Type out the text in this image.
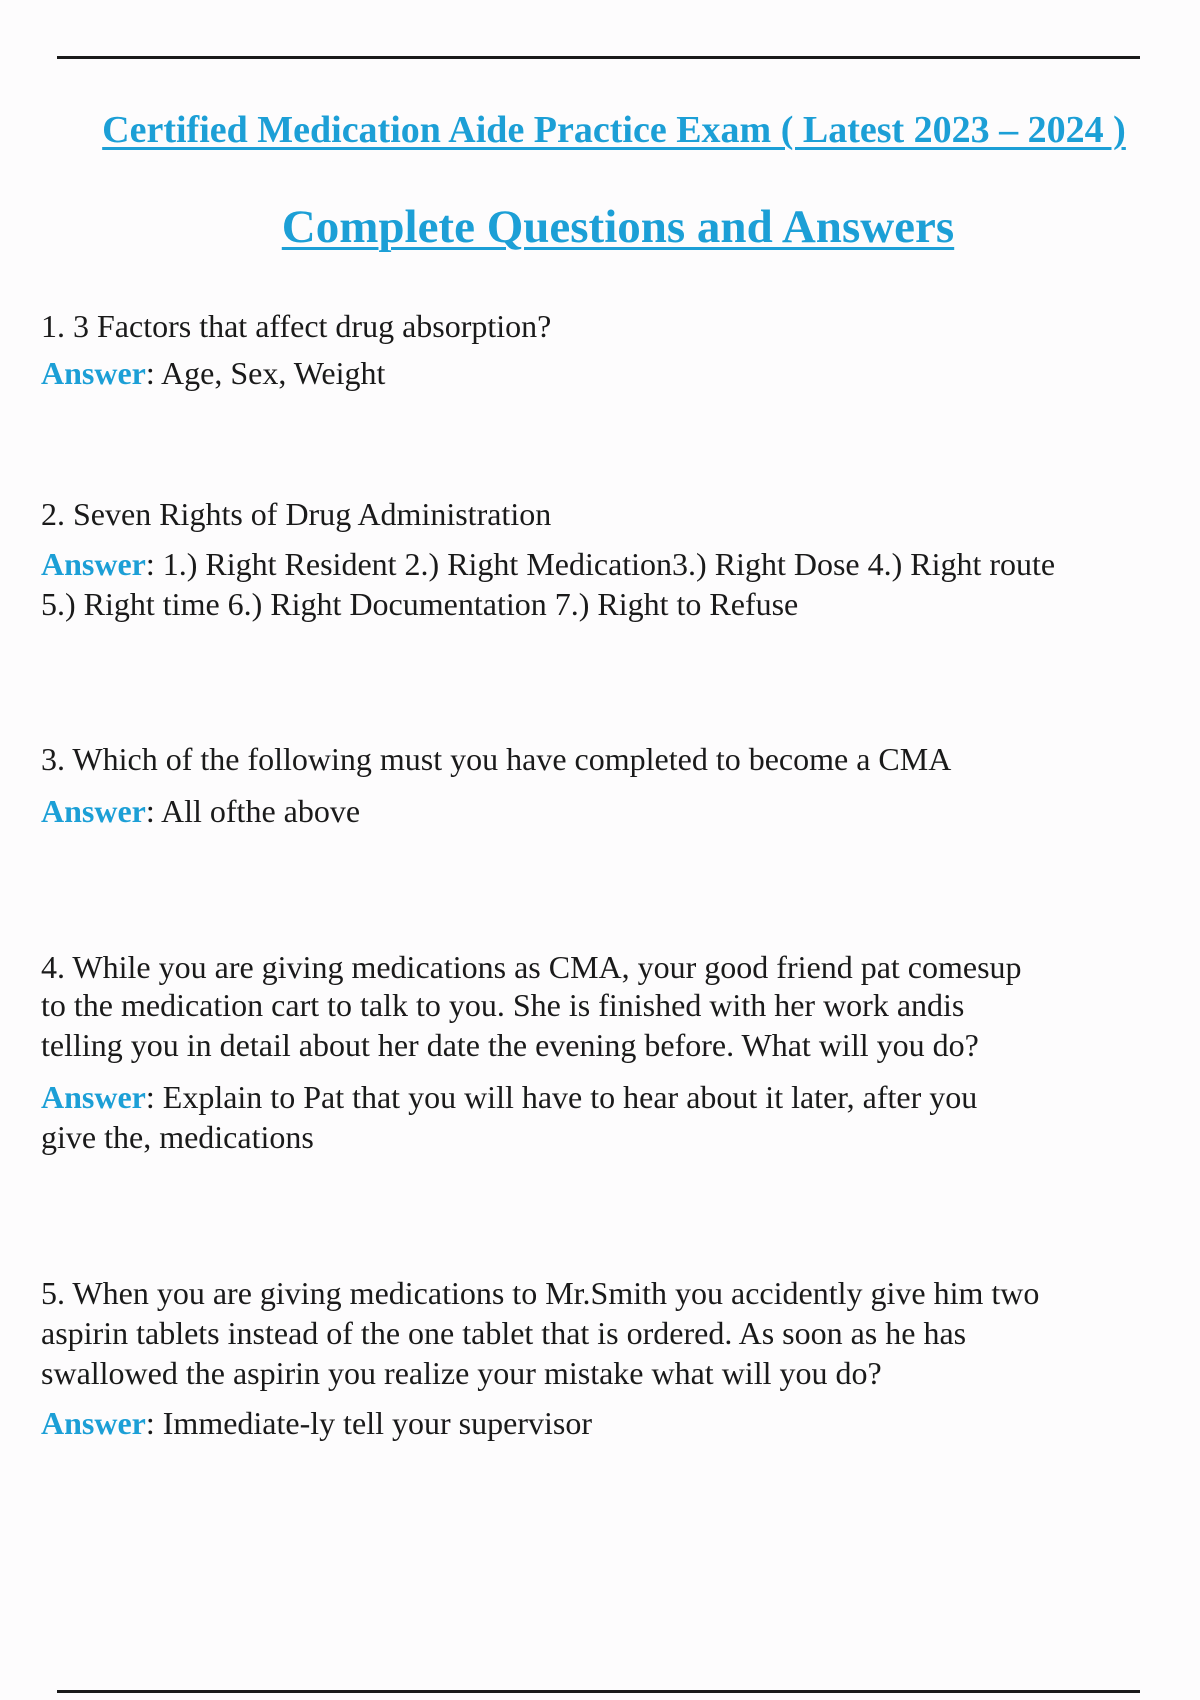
Certified Medication Aide Practice Exam ( Latest 2023 – 2024 )
Complete Questions and Answers
1. 3 Factors that affect drug absorption?
Answer: Age, Sex, Weight
2. Seven Rights of Drug Administration
Answer: 1.) Right Resident 2.) Right Medication3.) Right Dose 4.) Right route
5.) Right time 6.) Right Documentation 7.) Right to Refuse
3. Which of the following must you have completed to become a CMA
Answer: All ofthe above
4. While you are giving medications as CMA, your good friend pat comesup
to the medication cart to talk to you. She is finished with her work andis
telling you in detail about her date the evening before. What will you do?
Answer: Explain to Pat that you will have to hear about it later, after you
give the, medications
5. When you are giving medications to Mr.Smith you accidently give him two
aspirin tablets instead of the one tablet that is ordered. As soon as he has
swallowed the aspirin you realize your mistake what will you do?
Answer: Immediate-ly tell your supervisor
